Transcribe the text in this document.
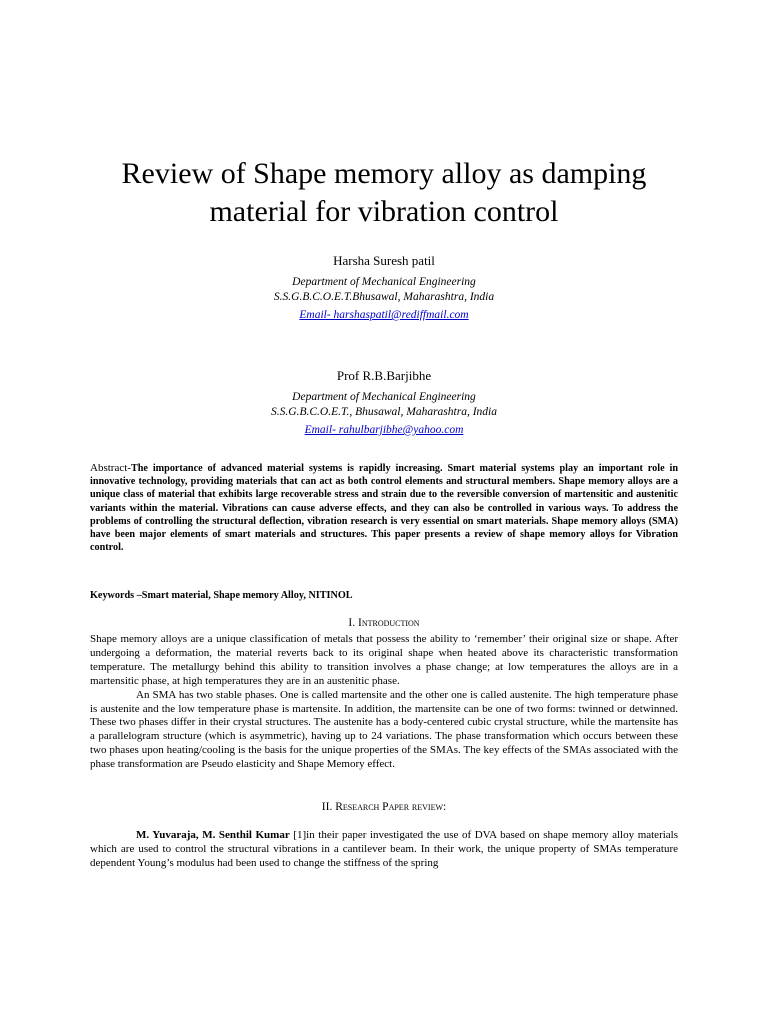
Review of Shape memory alloy as damping
material for vibration control
Harsha Suresh patil
Department of Mechanical Engineering
S.S.G.B.C.O.E.T.Bhusawal, Maharashtra, India
Email- harshaspatil@rediffmail.com
Prof R.B.Barjibhe
Department of Mechanical Engineering
S.S.G.B.C.O.E.T., Bhusawal, Maharashtra, India
Email- rahulbarjibhe@yahoo.com
Abstract-The importance of advanced material systems is rapidly increasing. Smart material systems play an important role in innovative technology, providing materials that can act as both control elements and structural members. Shape memory alloys are a unique class of material that exhibits large recoverable stress and strain due to the reversible conversion of martensitic and austenitic variants within the material. Vibrations can cause adverse effects, and they can also be controlled in various ways. To address the problems of controlling the structural deflection, vibration research is very essential on smart materials. Shape memory alloys (SMA) have been major elements of smart materials and structures. This paper presents a review of shape memory alloys for Vibration control.
Keywords –Smart material, Shape memory Alloy, NITINOL
I. Introduction

Shape memory alloys are a unique classification of metals that possess the ability to ‘remember’ their original size or shape. After undergoing a deformation, the material reverts back to its original shape when heated above its characteristic transformation temperature. The metallurgy behind this ability to transition involves a phase change; at low temperatures the alloys are in a martensitic phase, at high temperatures they are in an austenitic phase.

An SMA has two stable phases. One is called martensite and the other one is called austenite. The high temperature phase is austenite and the low temperature phase is martensite. In addition, the martensite can be one of two forms: twinned or detwinned. These two phases differ in their crystal structures. The austenite has a body-centered cubic crystal structure, while the martensite has a parallelogram structure (which is asymmetric), having up to 24 variations. The phase transformation which occurs between these two phases upon heating/cooling is the basis for the unique properties of the SMAs. The key effects of the SMAs associated with the phase transformation are Pseudo elasticity and Shape Memory effect.

II. Research Paper review:

M. Yuvaraja, M. Senthil Kumar [1]in their paper investigated the use of DVA based on shape memory alloy materials which are used to control the structural vibrations in a cantilever beam. In their work, the unique property of SMAs temperature dependent Young’s modulus had been used to change the stiffness of the spring
